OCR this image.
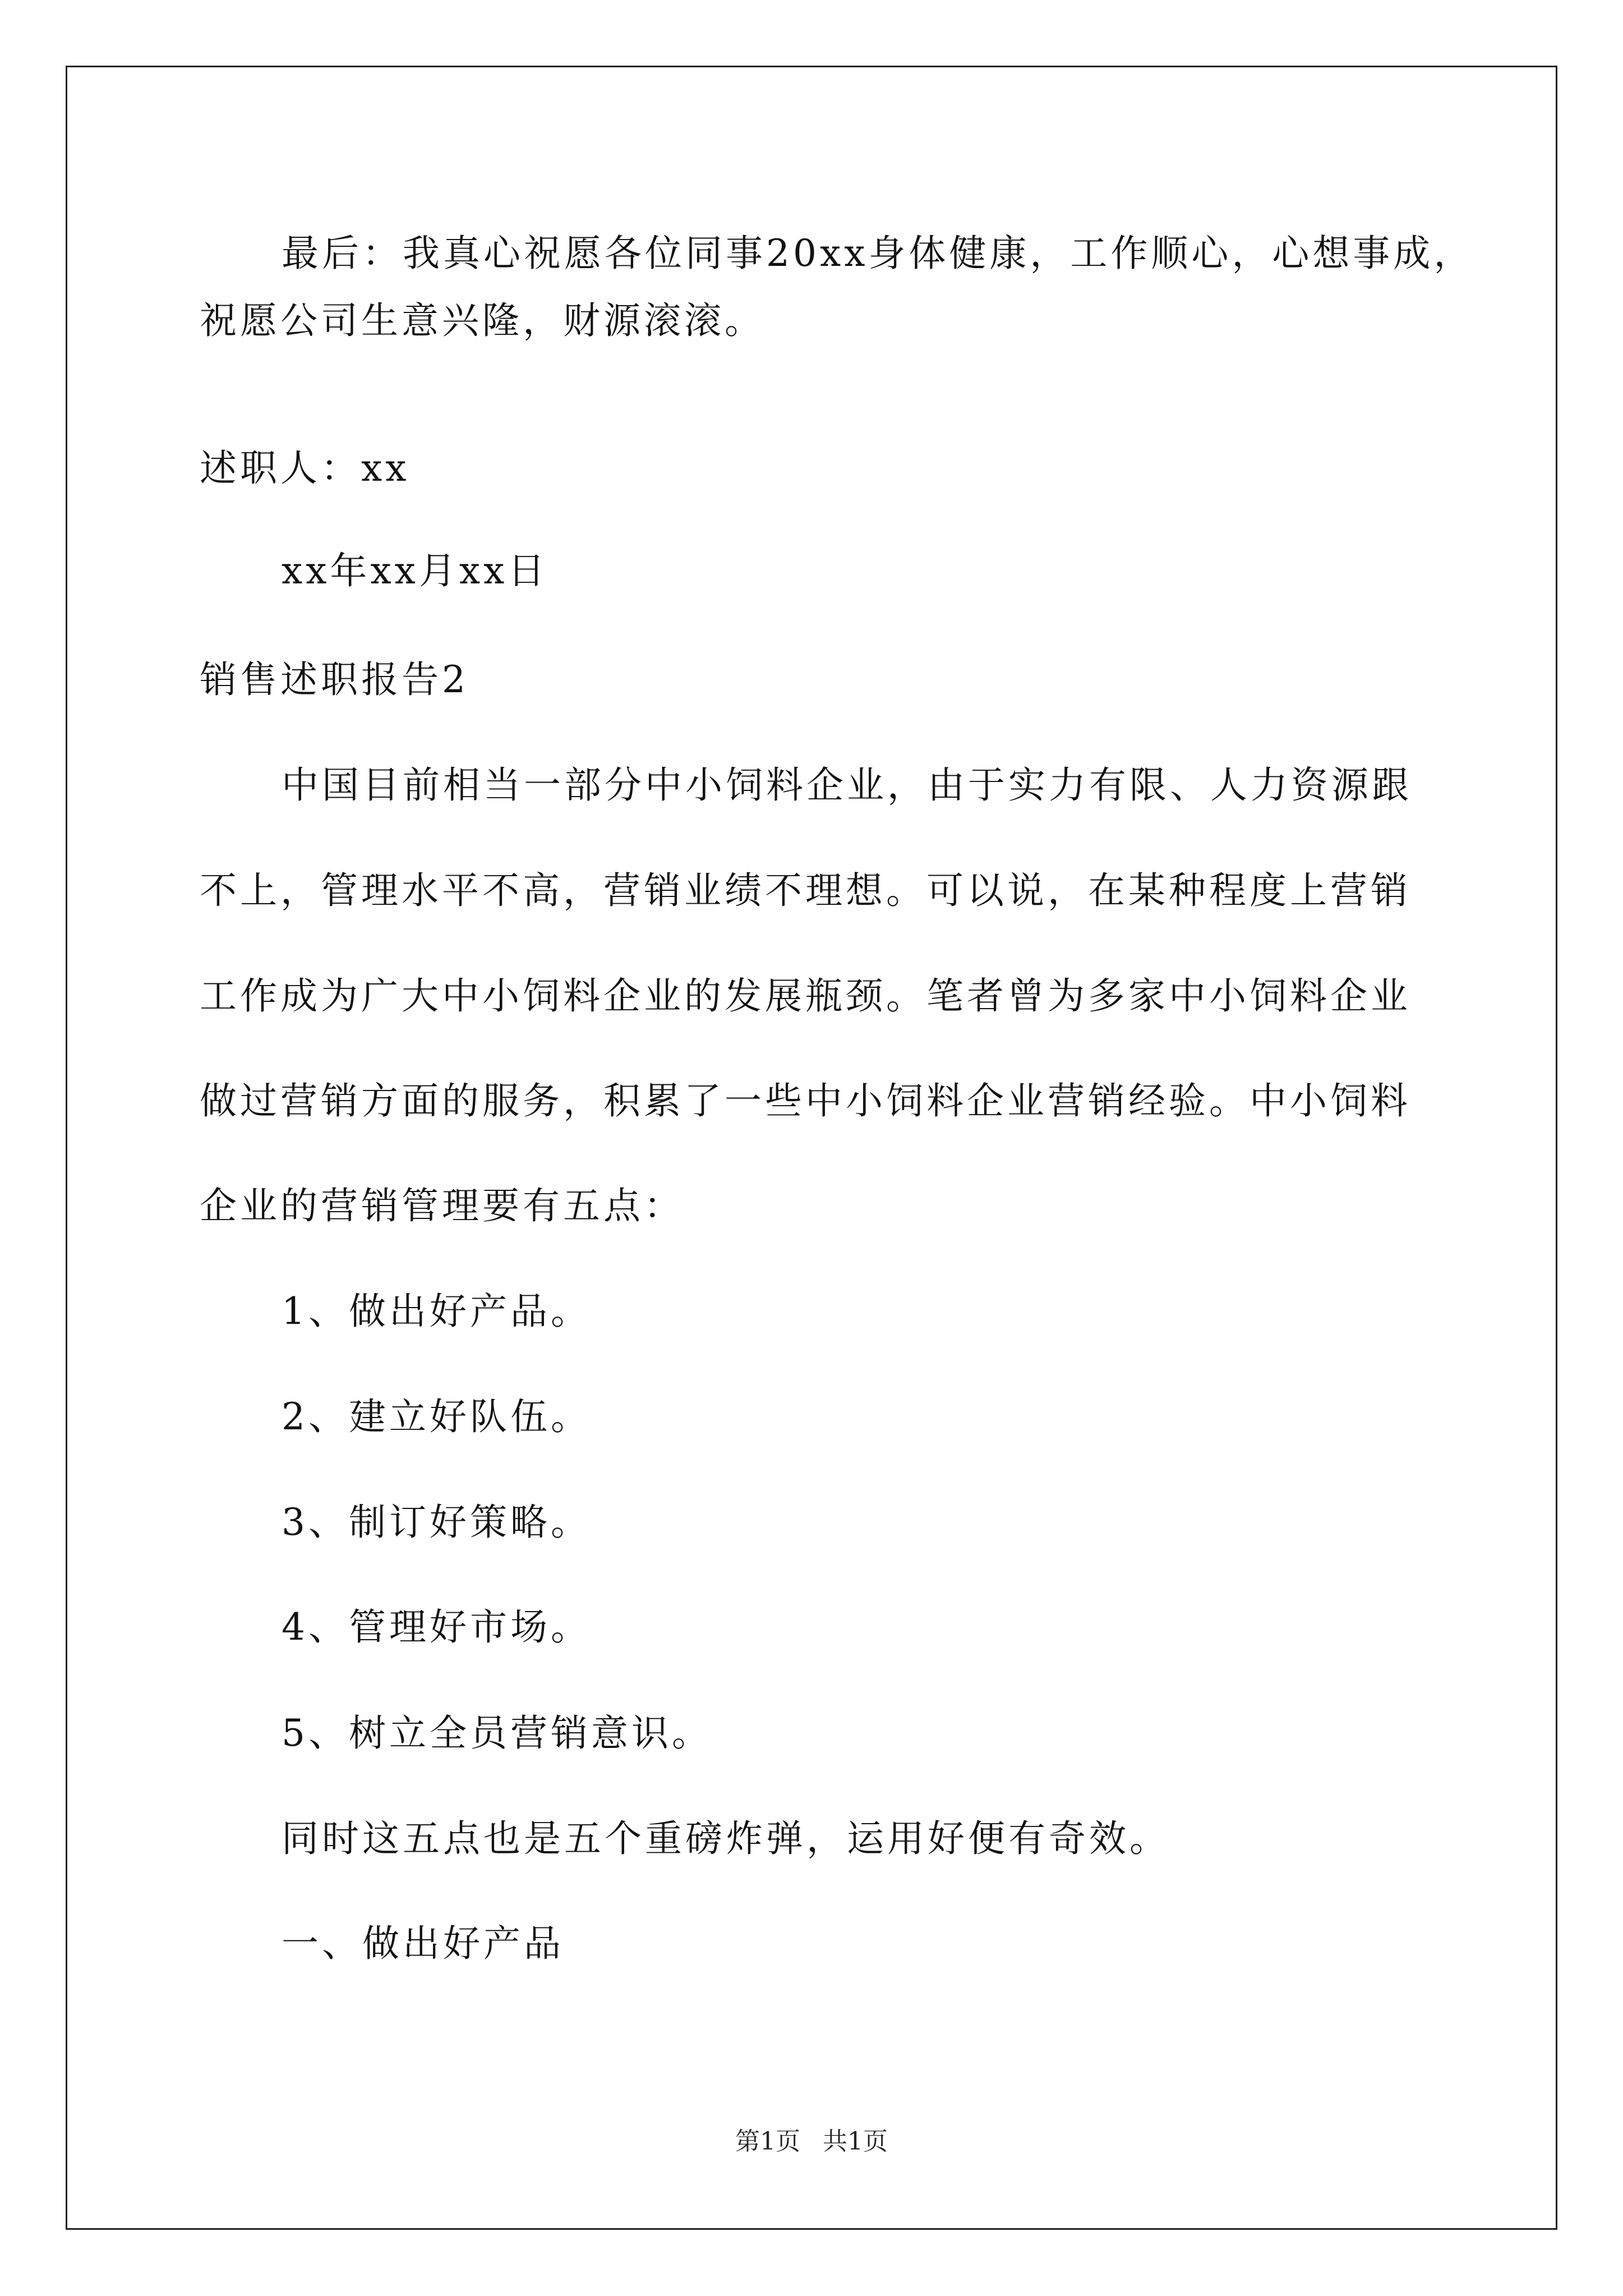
最后：我真心祝愿各位同事20xx身体健康，工作顺心，心想事成，
祝愿公司生意兴隆，财源滚滚。
述职人：xx
xx年xx月xx日
销售述职报告2
中国目前相当一部分中小饲料企业，由于实力有限、人力资源跟
不上，管理水平不高，营销业绩不理想。可以说，在某种程度上营销
工作成为广大中小饲料企业的发展瓶颈。笔者曾为多家中小饲料企业
做过营销方面的服务，积累了一些中小饲料企业营销经验。中小饲料
企业的营销管理要有五点：
1、做出好产品。
2、建立好队伍。
3、制订好策略。
4、管理好市场。
5、树立全员营销意识。
同时这五点也是五个重磅炸弹，运用好便有奇效。
一、做出好产品
第1页 共1页
